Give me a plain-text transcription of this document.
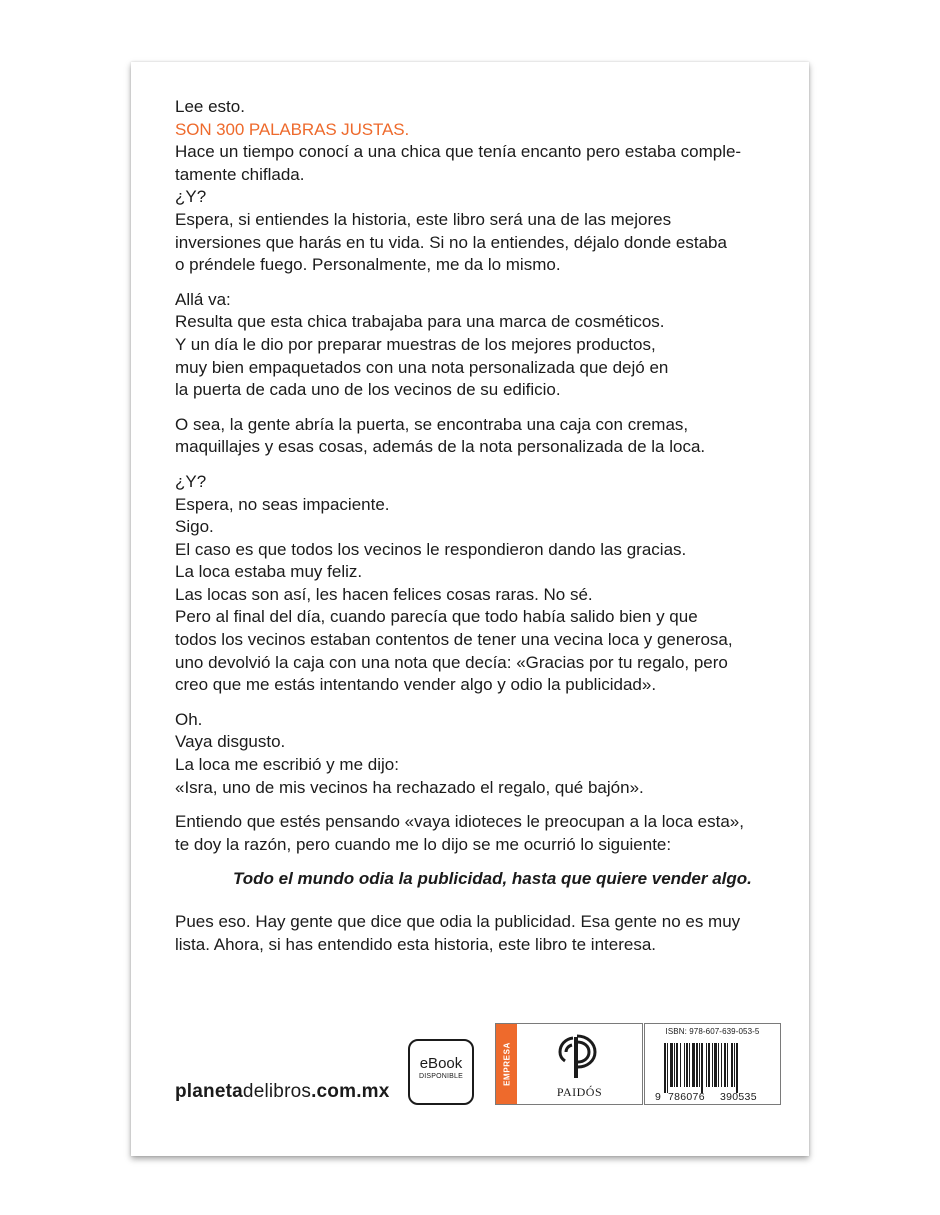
Lee esto.
SON 300 PALABRAS JUSTAS.
Hace un tiempo conocí a una chica que tenía encanto pero estaba comple-
tamente chiflada.
¿Y?
Espera, si entiendes la historia, este libro será una de las mejores
inversiones que harás en tu vida. Si no la entiendes, déjalo donde estaba
o préndele fuego. Personalmente, me da lo mismo.
Allá va:
Resulta que esta chica trabajaba para una marca de cosméticos.
Y un día le dio por preparar muestras de los mejores productos,
muy bien empaquetados con una nota personalizada que dejó en
la puerta de cada uno de los vecinos de su edificio.
O sea, la gente abría la puerta, se encontraba una caja con cremas,
maquillajes y esas cosas, además de la nota personalizada de la loca.
¿Y?
Espera, no seas impaciente.
Sigo.
El caso es que todos los vecinos le respondieron dando las gracias.
La loca estaba muy feliz.
Las locas son así, les hacen felices cosas raras. No sé.
Pero al final del día, cuando parecía que todo había salido bien y que
todos los vecinos estaban contentos de tener una vecina loca y generosa,
uno devolvió la caja con una nota que decía: «Gracias por tu regalo, pero
creo que me estás intentando vender algo y odio la publicidad».
Oh.
Vaya disgusto.
La loca me escribió y me dijo:
«Isra, uno de mis vecinos ha rechazado el regalo, qué bajón».
Entiendo que estés pensando «vaya idioteces le preocupan a la loca esta»,
te doy la razón, pero cuando me lo dijo se me ocurrió lo siguiente:
Todo el mundo odia la publicidad, hasta que quiere vender algo.
Pues eso. Hay gente que dice que odia la publicidad. Esa gente no es muy
lista. Ahora, si has entendido esta historia, este libro te interesa.
planetadelibros.com.mx
eBook
DISPONIBLE	EMPRESA
PAIDÓS
ISBN: 978-607-639-053-5
9 786076 390535
